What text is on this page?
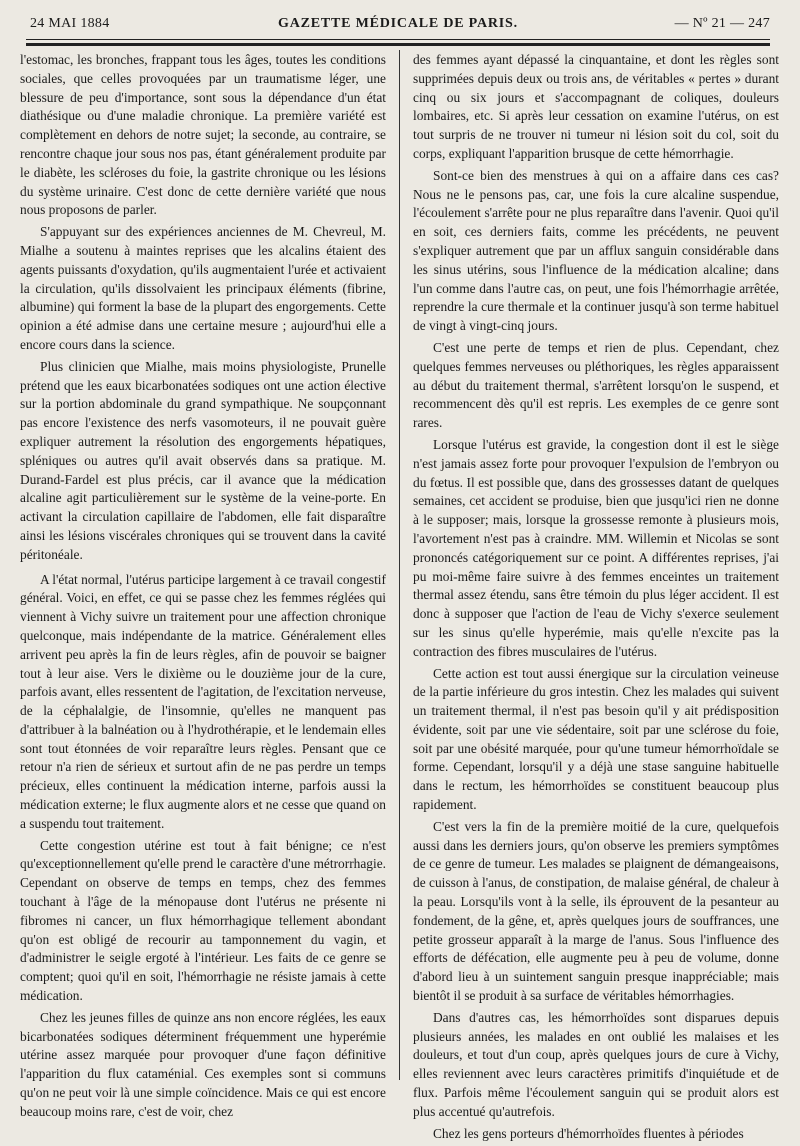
24 MAI 1884	GAZETTE MÉDICALE DE PARIS.	— Nº 21 — 247

l'estomac, les bronches, frappant tous les âges, toutes les conditions sociales, que celles provoquées par un traumatisme léger, une blessure de peu d'importance, sont sous la dépendance d'un état diathésique ou d'une maladie chronique. La première variété est complètement en dehors de notre sujet; la seconde, au contraire, se rencontre chaque jour sous nos pas, étant généralement produite par le diabète, les scléroses du foie, la gastrite chronique ou les lésions du système urinaire. C'est donc de cette dernière variété que nous nous proposons de parler.

S'appuyant sur des expériences anciennes de M. Chevreul, M. Mialhe a soutenu à maintes reprises que les alcalins étaient des agents puissants d'oxydation, qu'ils augmentaient l'urée et activaient la circulation, qu'ils dissolvaient les principaux éléments (fibrine, albumine) qui forment la base de la plupart des engorgements. Cette opinion a été admise dans une certaine mesure ; aujourd'hui elle a encore cours dans la science.

Plus clinicien que Mialhe, mais moins physiologiste, Prunelle prétend que les eaux bicarbonatées sodiques ont une action élective sur la portion abdominale du grand sympathique. Ne soupçonnant pas encore l'existence des nerfs vasomoteurs, il ne pouvait guère expliquer autrement la résolution des engorgements hépatiques, spléniques ou autres qu'il avait observés dans sa pratique. M. Durand-Fardel est plus précis, car il avance que la médication alcaline agit particulièrement sur le système de la veine-porte. En activant la circulation capillaire de l'abdomen, elle fait disparaître ainsi les lésions viscérales chroniques qui se trouvent dans la cavité péritonéale.

A l'état normal, l'utérus participe largement à ce travail congestif général. Voici, en effet, ce qui se passe chez les femmes réglées qui viennent à Vichy suivre un traitement pour une affection chronique quelconque, mais indépendante de la matrice. Généralement elles arrivent peu après la fin de leurs règles, afin de pouvoir se baigner tout à leur aise. Vers le dixième ou le douzième jour de la cure, parfois avant, elles ressentent de l'agitation, de l'excitation nerveuse, de la céphalalgie, de l'insomnie, qu'elles ne manquent pas d'attribuer à la balnéation ou à l'hydrothérapie, et le lendemain elles sont tout étonnées de voir reparaître leurs règles. Pensant que ce retour n'a rien de sérieux et surtout afin de ne pas perdre un temps précieux, elles continuent la médication interne, parfois aussi la médication externe; le flux augmente alors et ne cesse que quand on a suspendu tout traitement.

Cette congestion utérine est tout à fait bénigne; ce n'est qu'exceptionnellement qu'elle prend le caractère d'une métrorrhagie. Cependant on observe de temps en temps, chez des femmes touchant à l'âge de la ménopause dont l'utérus ne présente ni fibromes ni cancer, un flux hémorrhagique tellement abondant qu'on est obligé de recourir au tamponnement du vagin, et d'administrer le seigle ergoté à l'intérieur. Les faits de ce genre se comptent; quoi qu'il en soit, l'hémorrhagie ne résiste jamais à cette médication.

Chez les jeunes filles de quinze ans non encore réglées, les eaux bicarbonatées sodiques déterminent fréquemment une hyperémie utérine assez marquée pour provoquer d'une façon définitive l'apparition du flux cataménial. Ces exemples sont si communs qu'on ne peut voir là une simple coïncidence. Mais ce qui est encore beaucoup moins rare, c'est de voir, chez

des femmes ayant dépassé la cinquantaine, et dont les règles sont supprimées depuis deux ou trois ans, de véritables « pertes » durant cinq ou six jours et s'accompagnant de coliques, douleurs lombaires, etc. Si après leur cessation on examine l'utérus, on est tout surpris de ne trouver ni tumeur ni lésion soit du col, soit du corps, expliquant l'apparition brusque de cette hémorrhagie.

Sont-ce bien des menstrues à qui on a affaire dans ces cas? Nous ne le pensons pas, car, une fois la cure alcaline suspendue, l'écoulement s'arrête pour ne plus reparaître dans l'avenir. Quoi qu'il en soit, ces derniers faits, comme les précédents, ne peuvent s'expliquer autrement que par un afflux sanguin considérable dans les sinus utérins, sous l'influence de la médication alcaline; dans l'un comme dans l'autre cas, on peut, une fois l'hémorrhagie arrêtée, reprendre la cure thermale et la continuer jusqu'à son terme habituel de vingt à vingt-cinq jours.

C'est une perte de temps et rien de plus. Cependant, chez quelques femmes nerveuses ou pléthoriques, les règles apparaissent au début du traitement thermal, s'arrêtent lorsqu'on le suspend, et recommencent dès qu'il est repris. Les exemples de ce genre sont rares.

Lorsque l'utérus est gravide, la congestion dont il est le siège n'est jamais assez forte pour provoquer l'expulsion de l'embryon ou du fœtus. Il est possible que, dans des grossesses datant de quelques semaines, cet accident se produise, bien que jusqu'ici rien ne donne à le supposer; mais, lorsque la grossesse remonte à plusieurs mois, l'avortement n'est pas à craindre. MM. Willemin et Nicolas se sont prononcés catégoriquement sur ce point. A différentes reprises, j'ai pu moi-même faire suivre à des femmes enceintes un traitement thermal assez étendu, sans être témoin du plus léger accident. Il est donc à supposer que l'action de l'eau de Vichy s'exerce seulement sur les sinus qu'elle hyperémie, mais qu'elle n'excite pas la contraction des fibres musculaires de l'utérus.

Cette action est tout aussi énergique sur la circulation veineuse de la partie inférieure du gros intestin. Chez les malades qui suivent un traitement thermal, il n'est pas besoin qu'il y ait prédisposition évidente, soit par une vie sédentaire, soit par une sclérose du foie, soit par une obésité marquée, pour qu'une tumeur hémorrhoïdale se forme. Cependant, lorsqu'il y a déjà une stase sanguine habituelle dans le rectum, les hémorrhoïdes se constituent beaucoup plus rapidement.

C'est vers la fin de la première moitié de la cure, quelquefois aussi dans les derniers jours, qu'on observe les premiers symptômes de ce genre de tumeur. Les malades se plaignent de démangeaisons, de cuisson à l'anus, de constipation, de malaise général, de chaleur à la peau. Lorsqu'ils vont à la selle, ils éprouvent de la pesanteur au fondement, de la gêne, et, après quelques jours de souffrances, une petite grosseur apparaît à la marge de l'anus. Sous l'influence des efforts de défécation, elle augmente peu à peu de volume, donne d'abord lieu à un suintement sanguin presque inappréciable; mais bientôt il se produit à sa surface de véritables hémorrhagies.

Dans d'autres cas, les hémorrhoïdes sont disparues depuis plusieurs années, les malades en ont oublié les malaises et les douleurs, et tout d'un coup, après quelques jours de cure à Vichy, elles reviennent avec leurs caractères primitifs d'inquiétude et de flux. Parfois même l'écoulement sanguin qui se produit alors est plus accentué qu'autrefois.

Chez les gens porteurs d'hémorrhoïdes fluentes à périodes
